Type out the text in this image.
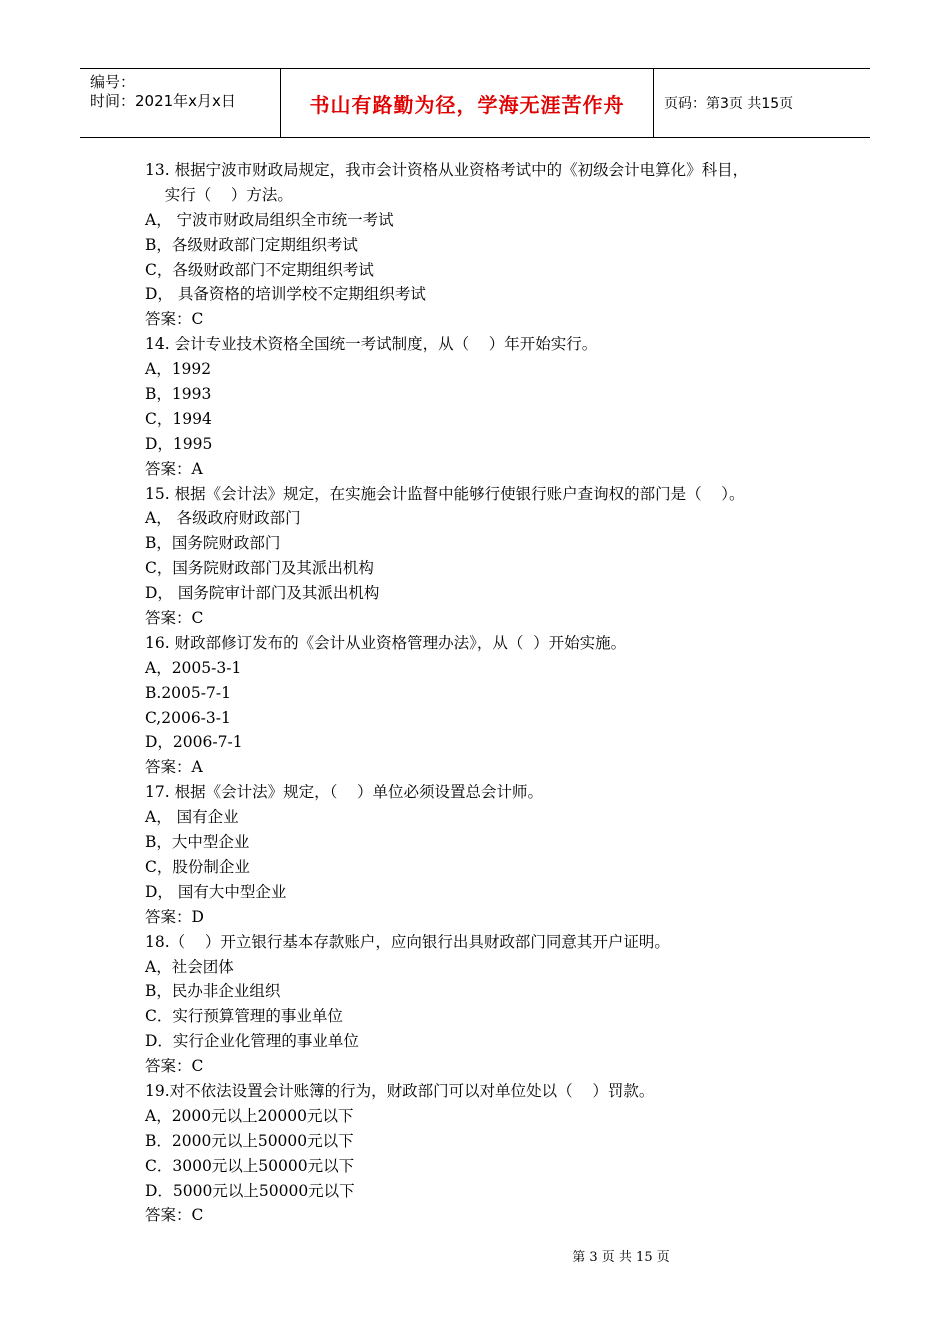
编号：
时间：2021年x月x日	书山有路勤为径，学海无涯苦作舟	页码：第3页 共15页
13. 根据宁波市财政局规定，我市会计资格从业资格考试中的《初级会计电算化》科目，
实行（    ）方法。
A， 宁波市财政局组织全市统一考试
B，各级财政部门定期组织考试
C，各级财政部门不定期组织考试
D， 具备资格的培训学校不定期组织考试
答案：C
14. 会计专业技术资格全国统一考试制度，从（    ）年开始实行。
A，1992
B，1993
C，1994
D，1995
答案：A
15. 根据《会计法》规定，在实施会计监督中能够行使银行账户查询权的部门是（    ）。
A， 各级政府财政部门
B，国务院财政部门
C，国务院财政部门及其派出机构
D， 国务院审计部门及其派出机构
答案：C
16. 财政部修订发布的《会计从业资格管理办法》，从（  ）开始实施。
A，2005-3-1
B.2005-7-1
C,2006-3-1
D，2006-7-1
答案：A
17. 根据《会计法》规定，（    ）单位必须设置总会计师。
A， 国有企业
B，大中型企业
C，股份制企业
D， 国有大中型企业
答案：D
18.（    ）开立银行基本存款账户，应向银行出具财政部门同意其开户证明。
A，社会团体
B，民办非企业组织
C．实行预算管理的事业单位
D．实行企业化管理的事业单位
答案：C
19.对不依法设置会计账簿的行为，财政部门可以对单位处以（    ）罚款。
A，2000元以上20000元以下
B．2000元以上50000元以下
C．3000元以上50000元以下
D．5000元以上50000元以下
答案：C
第 3 页 共 15 页
